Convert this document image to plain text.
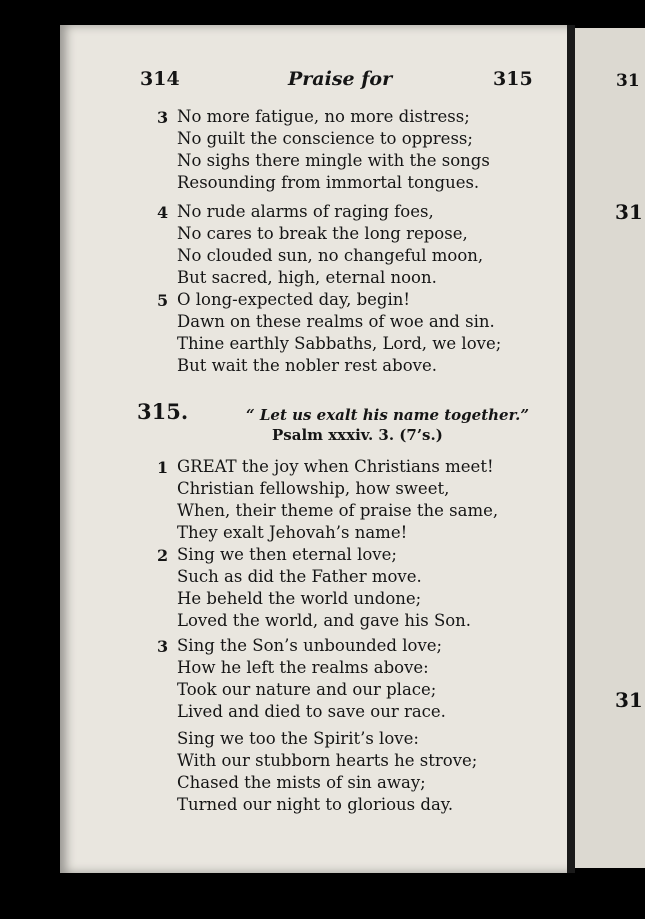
314	Praise for	315
3 No more fatigue, no more distress;
No guilt the conscience to oppress;
No sighs there mingle with the songs
Resounding from immortal tongues.
4 No rude alarms of raging foes,
No cares to break the long repose,
No clouded sun, no changeful moon,
But sacred, high, eternal noon.
5 O long-expected day, begin!
Dawn on these realms of woe and sin.
Thine earthly Sabbaths, Lord, we love;
But wait the nobler rest above.
315.	“ Let us exalt his name together.”
Psalm xxxiv. 3. (7’s.)
1 GREAT the joy when Christians meet!
Christian fellowship, how sweet,
When, their theme of praise the same,
They exalt Jehovah’s name!
2 Sing we then eternal love;
Such as did the Father move.
He beheld the world undone;
Loved the world, and gave his Son.
3 Sing the Son’s unbounded love;
How he left the realms above:
Took our nature and our place;
Lived and died to save our race.
Sing we too the Spirit’s love:
With our stubborn hearts he strove;
Chased the mists of sin away;
Turned our night to glorious day.
31
31
31
